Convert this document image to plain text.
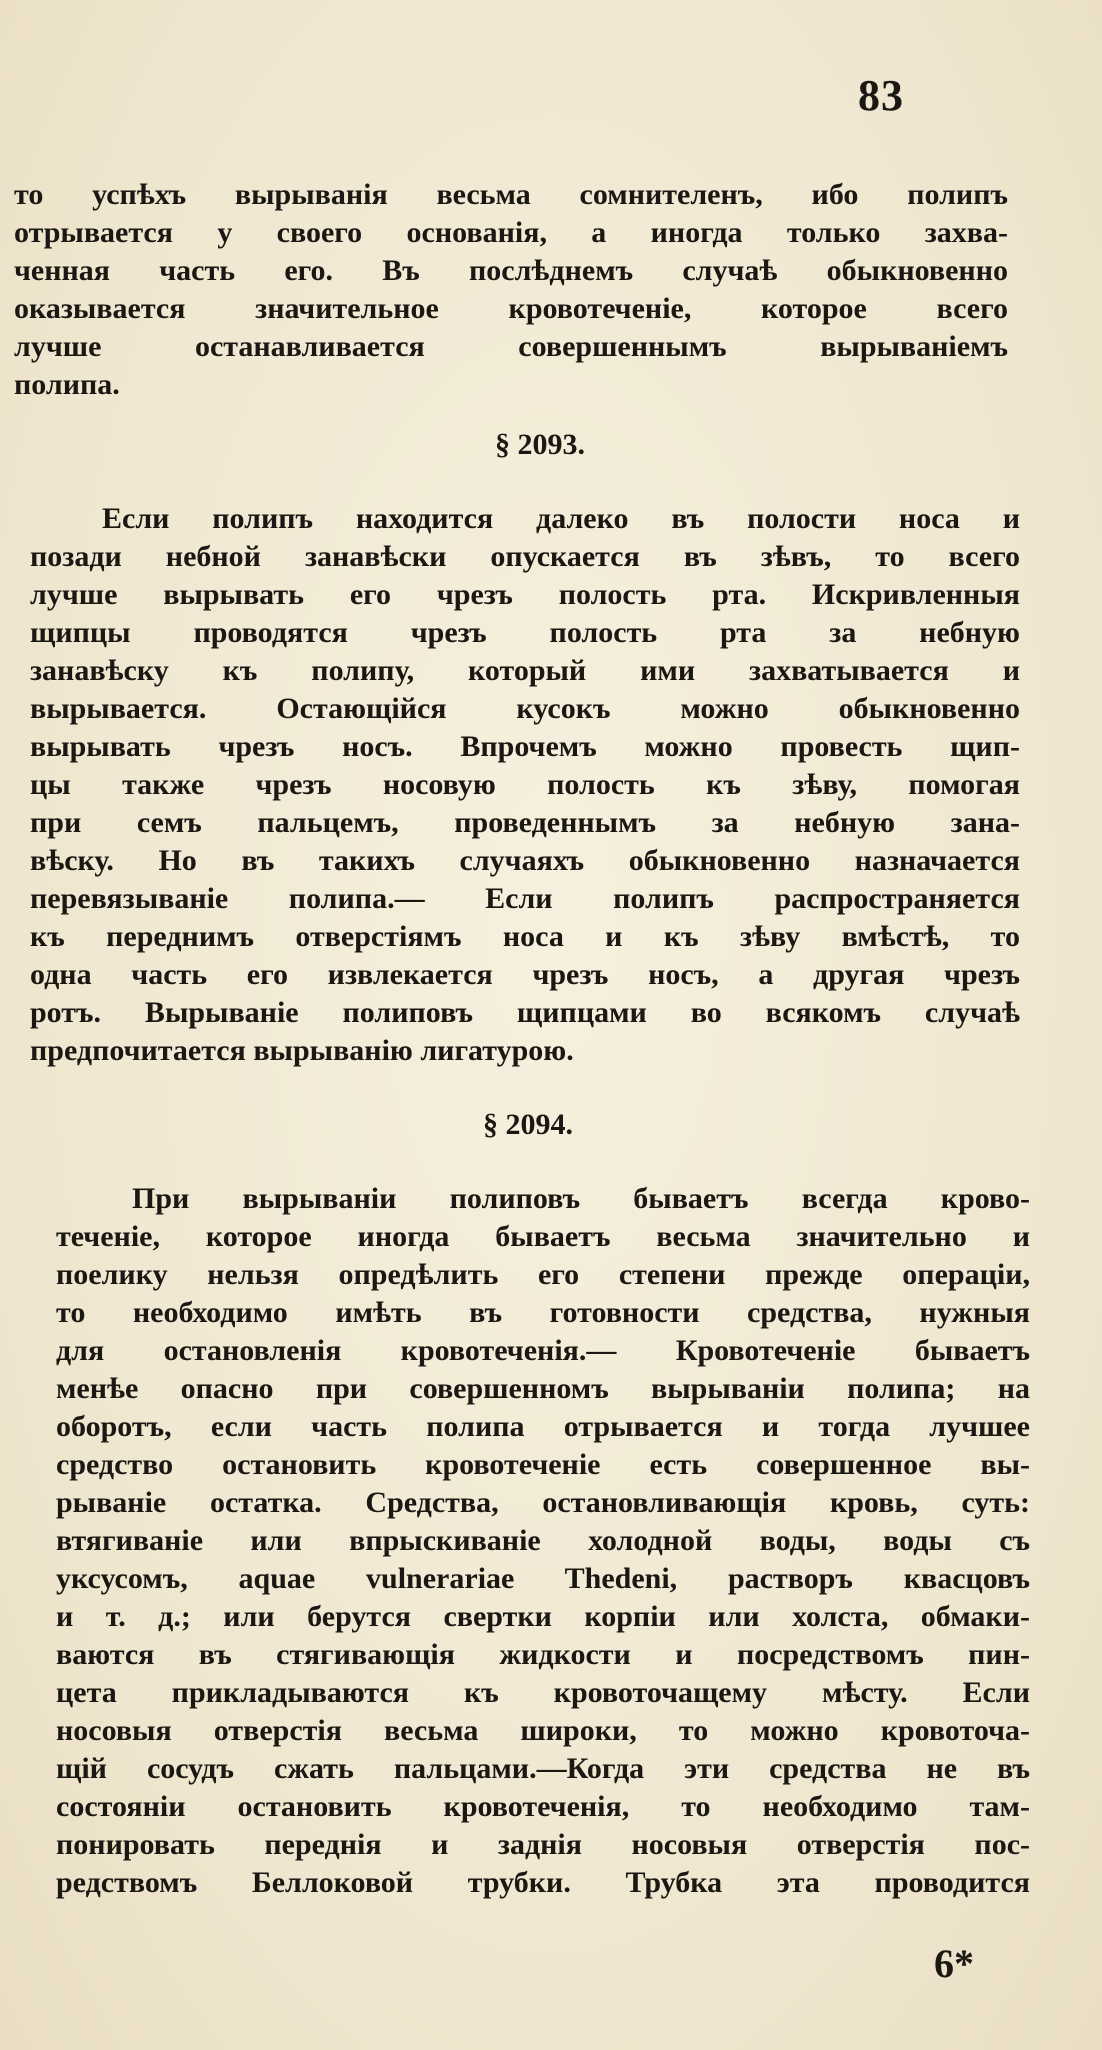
83
то успѣхъ вырыванія весьма сомнителенъ, ибо полипъ
отрывается у своего основанія, а иногда только захва-
ченная часть его. Въ послѣднемъ случаѣ обыкновенно
оказывается значительное кровотеченіе, которое всего
лучше останавливается совершеннымъ вырываніемъ
полипа.
§ 2093.
Если полипъ находится далеко въ полости носа и
позади небной занавѣски опускается въ зѣвъ, то всего
лучше вырывать его чрезъ полость рта. Искривленныя
щипцы проводятся чрезъ полость рта за небную
занавѣску къ полипу, который ими захватывается и
вырывается. Остающійся кусокъ можно обыкновенно
вырывать чрезъ носъ. Впрочемъ можно провесть щип-
цы также чрезъ носовую полость къ зѣву, помогая
при семъ пальцемъ, проведеннымъ за небную зана-
вѣску. Но въ такихъ случаяхъ обыкновенно назначается
перевязываніе полипа.— Если полипъ распространяется
къ переднимъ отверстіямъ носа и къ зѣву вмѣстѣ, то
одна часть его извлекается чрезъ носъ, а другая чрезъ
ротъ. Вырываніе полиповъ щипцами во всякомъ случаѣ
предпочитается вырыванію лигатурою.
§ 2094.
При вырываніи полиповъ бываетъ всегда крово-
теченіе, которое иногда бываетъ весьма значительно и
поелику нельзя опредѣлить его степени прежде операціи,
то необходимо имѣть въ готовности средства, нужныя
для остановленія кровотеченія.— Кровотеченіе бываетъ
менѣе опасно при совершенномъ вырываніи полипа; на
оборотъ, если часть полипа отрывается и тогда лучшее
средство остановить кровотеченіе есть совершенное вы-
рываніе остатка. Средства, остановливающія кровь, суть:
втягиваніе или впрыскиваніе холодной воды, воды съ
уксусомъ, aquae vulnerariae Thedeni, растворъ квасцовъ
и т. д.; или берутся свертки корпіи или холста, обмаки-
ваются въ стягивающія жидкости и посредствомъ пин-
цета прикладываются къ кровоточащему мѣсту. Если
носовыя отверстія весьма широки, то можно кровоточа-
щій сосудъ сжать пальцами.—Когда эти средства не въ
состояніи остановить кровотеченія, то необходимо там-
понировать переднія и заднія носовыя отверстія пос-
редствомъ Беллоковой трубки. Трубка эта проводится
6*
